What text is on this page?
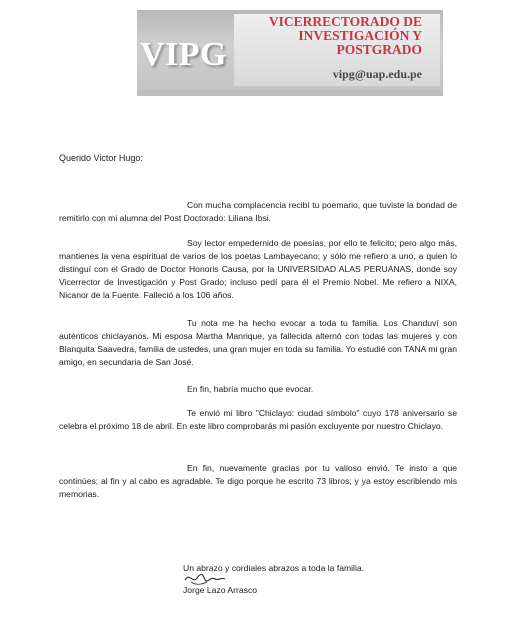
VIPG
VICERRECTORADO DE
INVESTIGACIÓN Y
POSTGRADO
vipg@uap.edu.pe
Querido Victor Hugo:

Con mucha complacencia recibí tu poemario, que tuviste la bondad de remitirlo con mi alumna del Post Doctorado: Liliana Ibsi.

Soy lector empedernido de poesías, por ello te felicito; pero algo más, mantienes la vena espiritual de varios de los poetas Lambayecano; y sólo me refiero a uno, a quien lo distinguí con el Grado de Doctor Honoris Causa, por la UNIVERSIDAD ALAS PERUANAS, donde soy Vicerrector de Investigación y Post Grado; incluso pedí para él el Premio Nobel. Me refiero a NIXA, Nicanor de la Fuente. Falleció a los 106 años.

Tu nota me ha hecho evocar a toda tu familia. Los Chanduví son auténticos chiclayanos. Mi esposa Martha Manrique, ya fallecida alternó con todas las mujeres y con Blanquita Saavedra, familia de ustedes, una gran mujer en toda su familia. Yo estudié con TANA mi gran amigo, en secundaria de San José.

En fin, habría mucho que evocar.

Te envió mi libro "Chiclayo: ciudad símbolo" cuyo 178 aniversario se celebra el próximo 18 de abril. En este libro comprobarás mi pasión excluyente por nuestro Chiclayo.

En fin, nuevamente gracias por tu valioso envió. Te insto a que continúes; al fin y al cabo es agradable. Te digo porque he escrito 73 libros; y ya estoy escribiendo mis memorias.

Un abrazo y cordiales abrazos a toda la familia.
Jorge Lazo Arrasco
